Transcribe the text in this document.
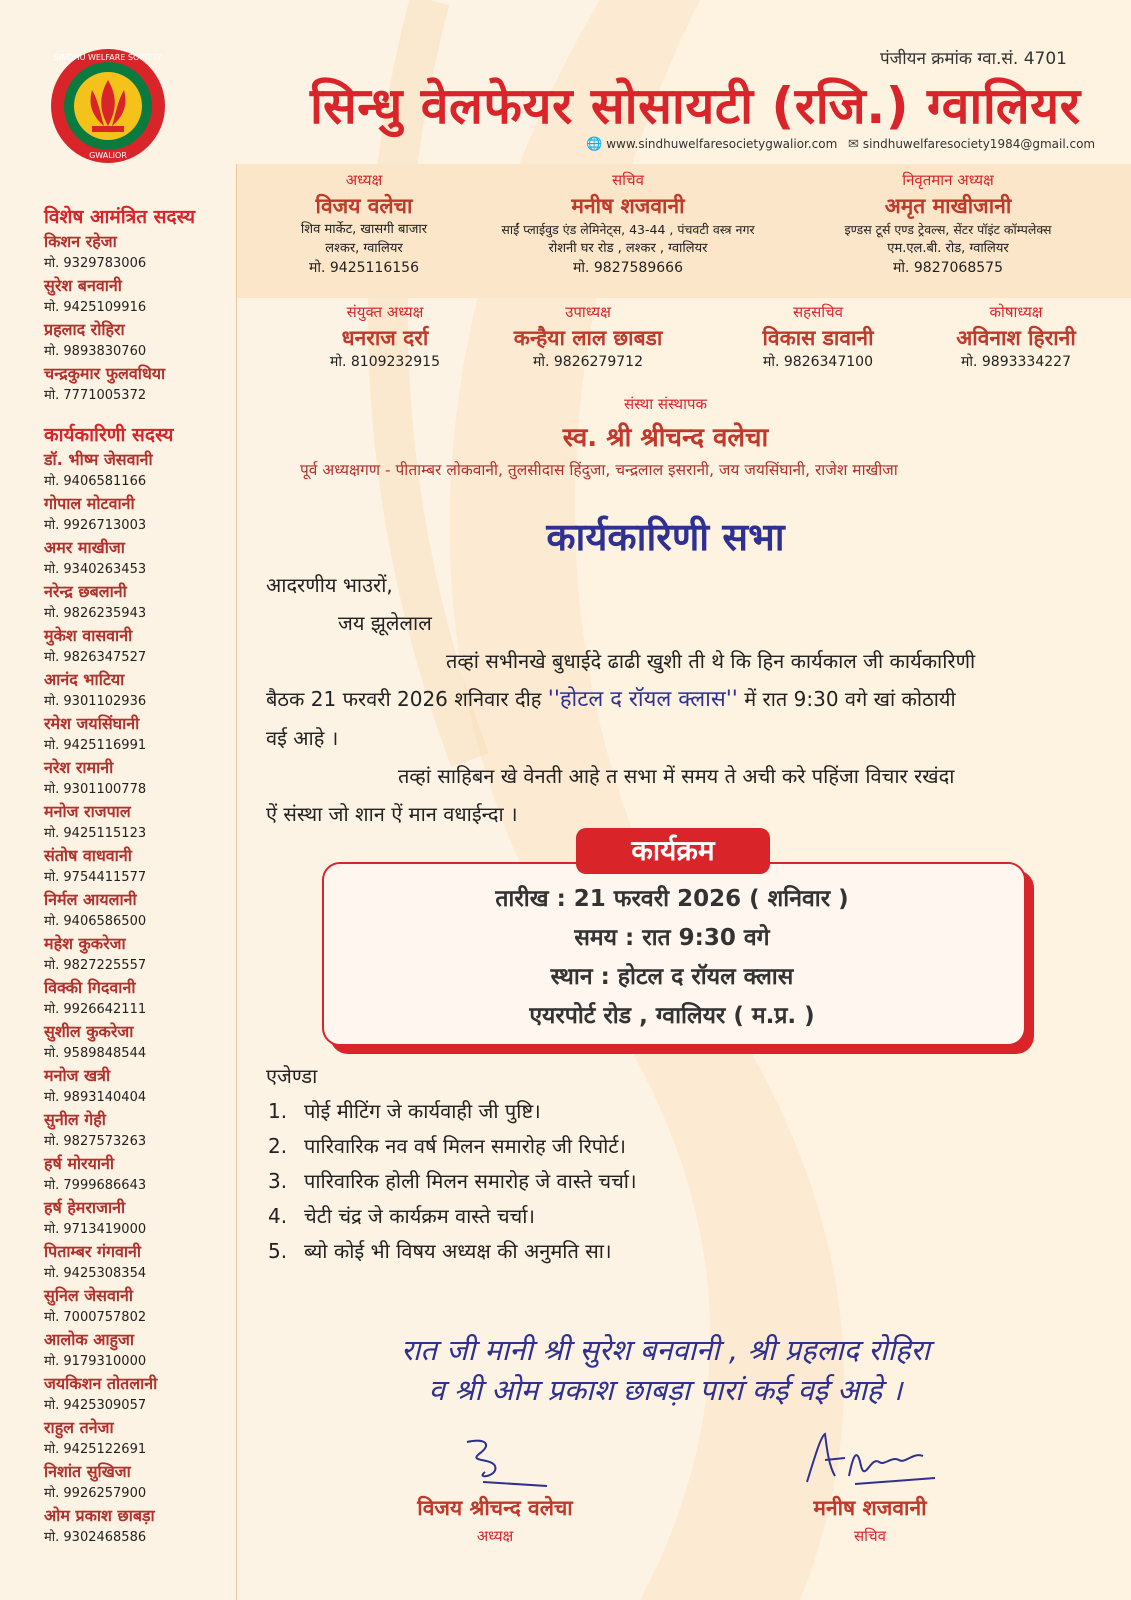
SINDHU WELFARE SOCIETY
GWALIOR
पंजीयन क्रमांक ग्वा.सं. 4701
सिन्धु वेलफेयर सोसायटी (रजि.) ग्वालियर
🌐 www.sindhuwelfaresocietygwalior.com ✉ sindhuwelfaresociety1984@gmail.com
अध्यक्ष
विजय वलेचा
शिव मार्केट, खासगी बाजार
लश्कर, ग्वालियर
मो. 9425116156
सचिव
मनीष शजवानी
साईं प्लाईवुड एंड लेमिनेट्स, 43-44 , पंचवटी वस्त्र नगर
रोशनी घर रोड , लश्कर , ग्वालियर
मो. 9827589666
निवृतमान अध्यक्ष
अमृत माखीजानी
इण्डस टूर्स एण्ड ट्रेवल्स, सेंटर पॉइंट कॉम्पलेक्स
एम.एल.बी. रोड, ग्वालियर
मो. 9827068575
संयुक्त अध्यक्ष
धनराज दर्रा
मो. 8109232915
उपाध्यक्ष
कन्हैया लाल छाबडा
मो. 9826279712
सहसचिव
विकास डावानी
मो. 9826347100
कोषाध्यक्ष
अविनाश हिरानी
मो. 9893334227
संस्था संस्थापक
स्व. श्री श्रीचन्द वलेचा
पूर्व अध्यक्षगण - पीताम्बर लोकवानी, तुलसीदास हिंदुजा, चन्द्रलाल इसरानी, जय जयसिंघानी, राजेश माखीजा
विशेष आमंत्रित सदस्य
किशन रहेजा
मो. 9329783006
सुरेश बनवानी
मो. 9425109916
प्रहलाद रोहिरा
मो. 9893830760
चन्द्रकुमार फुलवधिया
मो. 7771005372
कार्यकारिणी सदस्य
डॉ. भीष्म जेसवानी
मो. 9406581166
गोपाल मोटवानी
मो. 9926713003
अमर माखीजा
मो. 9340263453
नरेन्द्र छबलानी
मो. 9826235943
मुकेश वासवानी
मो. 9826347527
आनंद भाटिया
मो. 9301102936
रमेश जयसिंघानी
मो. 9425116991
नरेश रामानी
मो. 9301100778
मनोज राजपाल
मो. 9425115123
संतोष वाधवानी
मो. 9754411577
निर्मल आयलानी
मो. 9406586500
महेश कुकरेजा
मो. 9827225557
विक्की गिदवानी
मो. 9926642111
सुशील कुकरेजा
मो. 9589848544
मनोज खत्री
मो. 9893140404
सुनील गेही
मो. 9827573263
हर्ष मोरयानी
मो. 7999686643
हर्ष हेमराजानी
मो. 9713419000
पिताम्बर गंगवानी
मो. 9425308354
सुनिल जेसवानी
मो. 7000757802
आलोक आहुजा
मो. 9179310000
जयकिशन तोतलानी
मो. 9425309057
राहुल तनेजा
मो. 9425122691
निशांत सुखिजा
मो. 9926257900
ओम प्रकाश छाबड़ा
मो. 9302468586
कार्यकारिणी सभा
आदरणीय भाउरों,
जय झूलेलाल
तव्हां सभीनखे बुधाईदे ढाढी खुशी ती थे कि हिन कार्यकाल जी कार्यकारिणी
बैठक 21 फरवरी 2026 शनिवार दीह ''होटल द रॉयल क्लास'' में रात 9:30 वगे खां कोठायी
वई आहे ।
तव्हां साहिबन खे वेनती आहे त सभा में समय ते अची करे पहिंजा विचार रखंदा
ऐं संस्था जो शान ऐं मान वधाईन्दा ।
कार्यक्रम
तारीख : 21 फरवरी 2026 ( शनिवार )
समय : रात 9:30 वगे
स्थान : होटल द रॉयल क्लास
एयरपोर्ट रोड , ग्वालियर ( म.प्र. )
एजेण्डा
1. पोई मीटिंग जे कार्यवाही जी पुष्टि।
2. पारिवारिक नव वर्ष मिलन समारोह जी रिपोर्ट।
3. पारिवारिक होली मिलन समारोह जे वास्ते चर्चा।
4. चेटी चंद्र जे कार्यक्रम वास्ते चर्चा।
5. ब्यो कोई भी विषय अध्यक्ष की अनुमति सा।
रात जी मानी श्री सुरेश बनवानी , श्री प्रहलाद रोहिरा
व श्री ओम प्रकाश छाबड़ा पारां कई वई आहे ।
विजय श्रीचन्द वलेचा
अध्यक्ष
मनीष शजवानी
सचिव
